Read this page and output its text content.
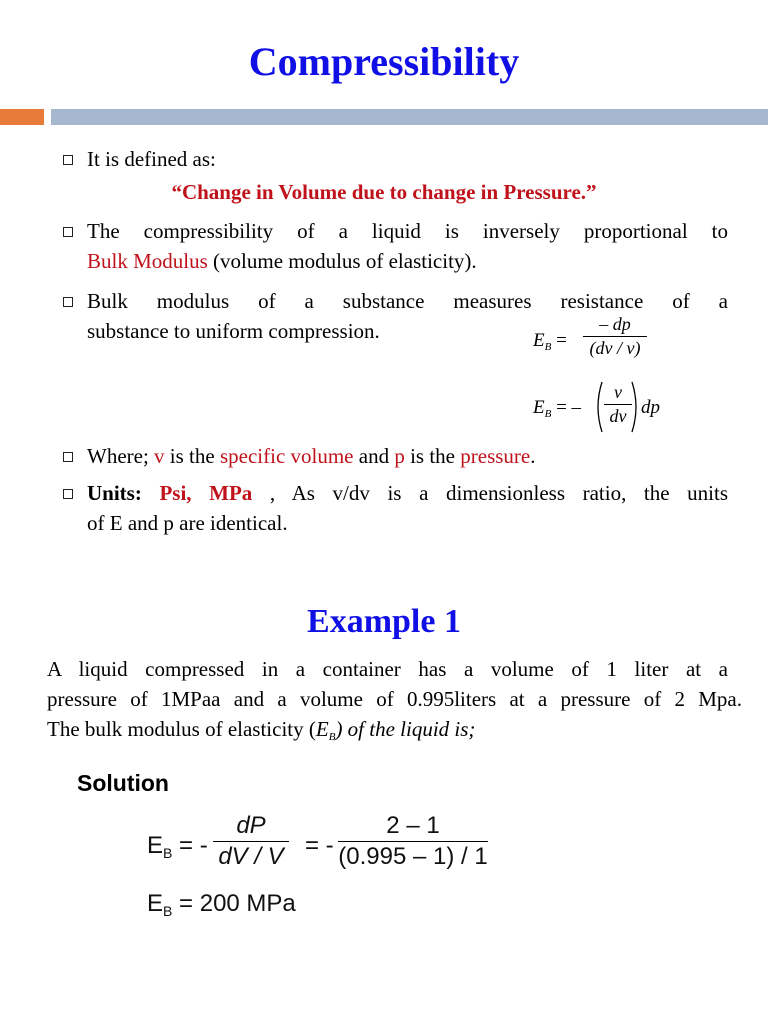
Compressibility
It is defined as:
“Change in Volume due to change in Pressure.”
The compressibility of a liquid is inversely proportional to
Bulk Modulus (volume modulus of elasticity).
Bulk modulus of a substance measures resistance of a
substance to uniform compression.	$E_B$ =
– dp
(dv / v)
$E_B$ = –
v
dv dp
Where; v is the specific volume and p is the pressure.
Units: Psi, MPa , As v/dv is a dimensionless ratio, the units
of E and p are identical.
Example 1
A liquid compressed in a container has a volume of 1 liter at a
pressure of 1MPaa and a volume of 0.995liters at a pressure of 2 Mpa.
The bulk modulus of elasticity (EB) of the liquid is;
Solution
$E_B$ = -
dP
dV / V = -
2 – 1
(0.995 – 1) / 1
$E_B = 200$ MPa
